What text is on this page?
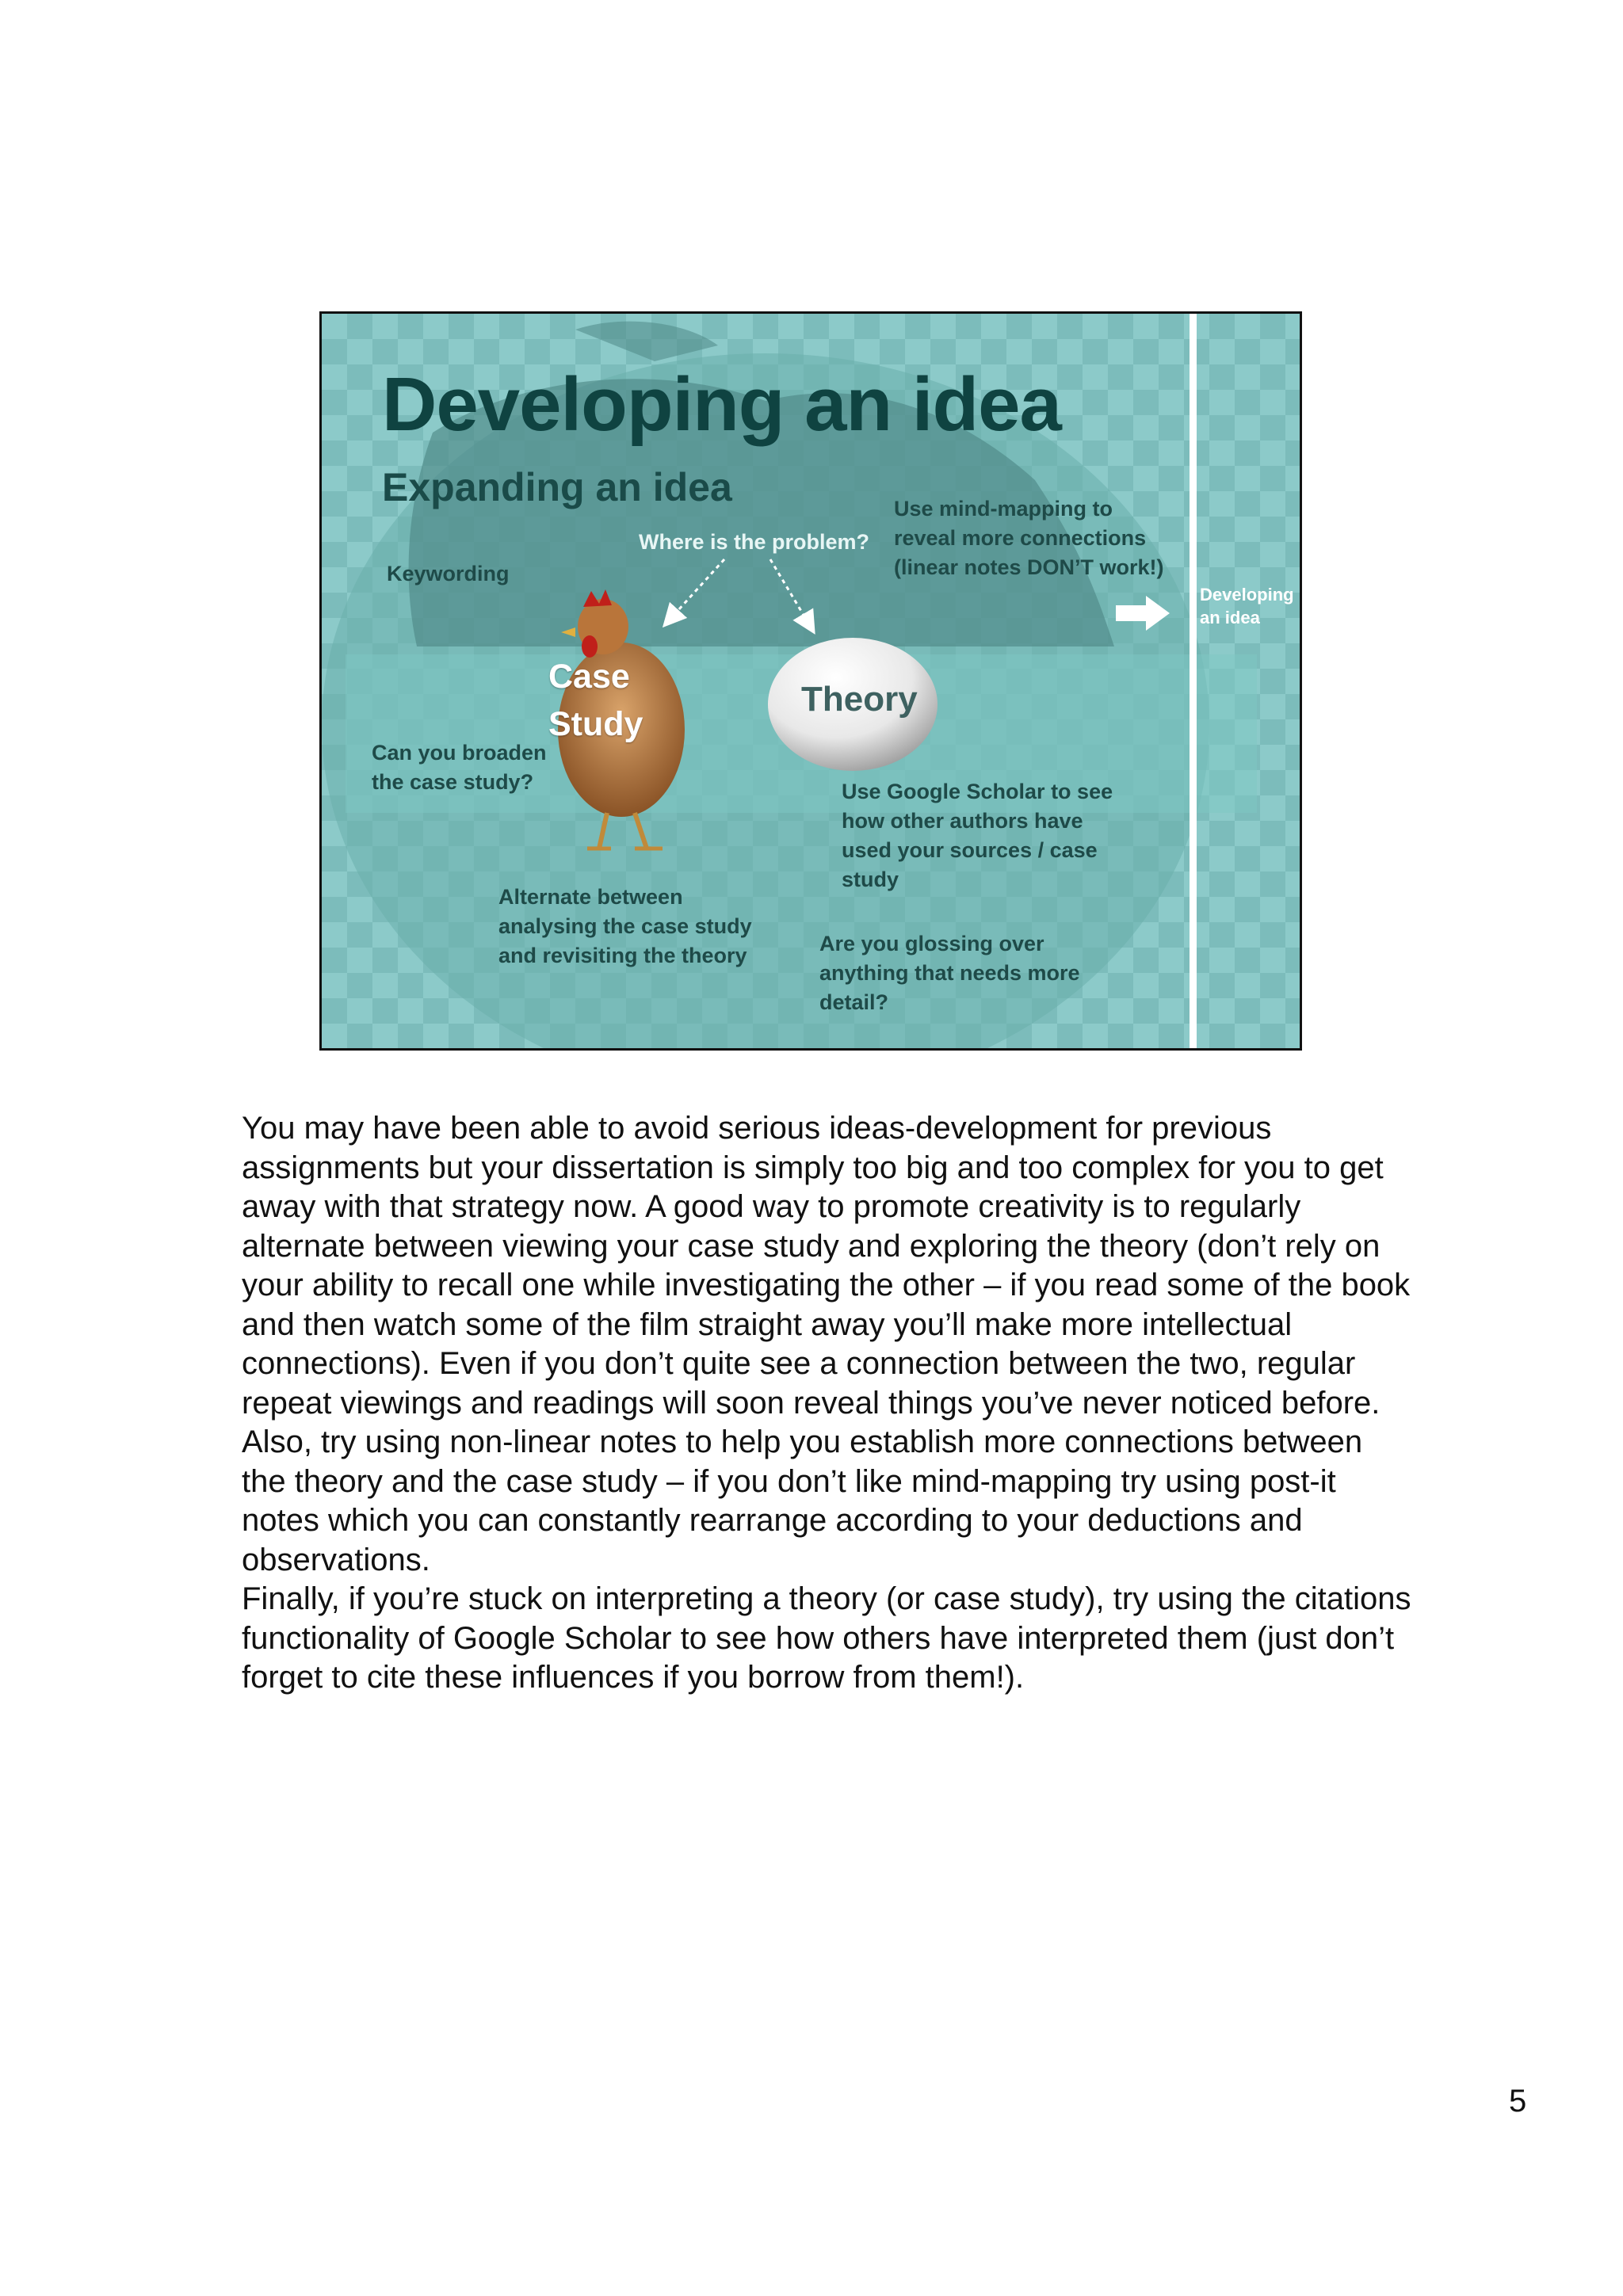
Developing an idea
Expanding an idea
Keywording
Where is the problem?
Use mind-mapping to
reveal more connections
(linear notes DON’T work!)
Case
Study
Theory
Can you broaden
the case study?	Use Google Scholar to see
how other authors have
used your sources / case
study
Alternate between
analysing the case study
and revisiting the theory	Are you glossing over
anything that needs more
detail?
Developing
an idea

You may have been able to avoid serious ideas-development for previous assignments but your dissertation is simply too big and too complex for you to get away with that strategy now. A good way to promote creativity is to regularly alternate between viewing your case study and exploring the theory (don’t rely on your ability to recall one while investigating the other – if you read some of the book and then watch some of the film straight away you’ll make more intellectual connections). Even if you don’t quite see a connection between the two, regular repeat viewings and readings will soon reveal things you’ve never noticed before.

Also, try using non-linear notes to help you establish more connections between the theory and the case study – if you don’t like mind-mapping try using post-it notes which you can constantly rearrange according to your deductions and observations.

Finally, if you’re stuck on interpreting a theory (or case study), try using the citations functionality of Google Scholar to see how others have interpreted them (just don’t forget to cite these influences if you borrow from them!).

5
